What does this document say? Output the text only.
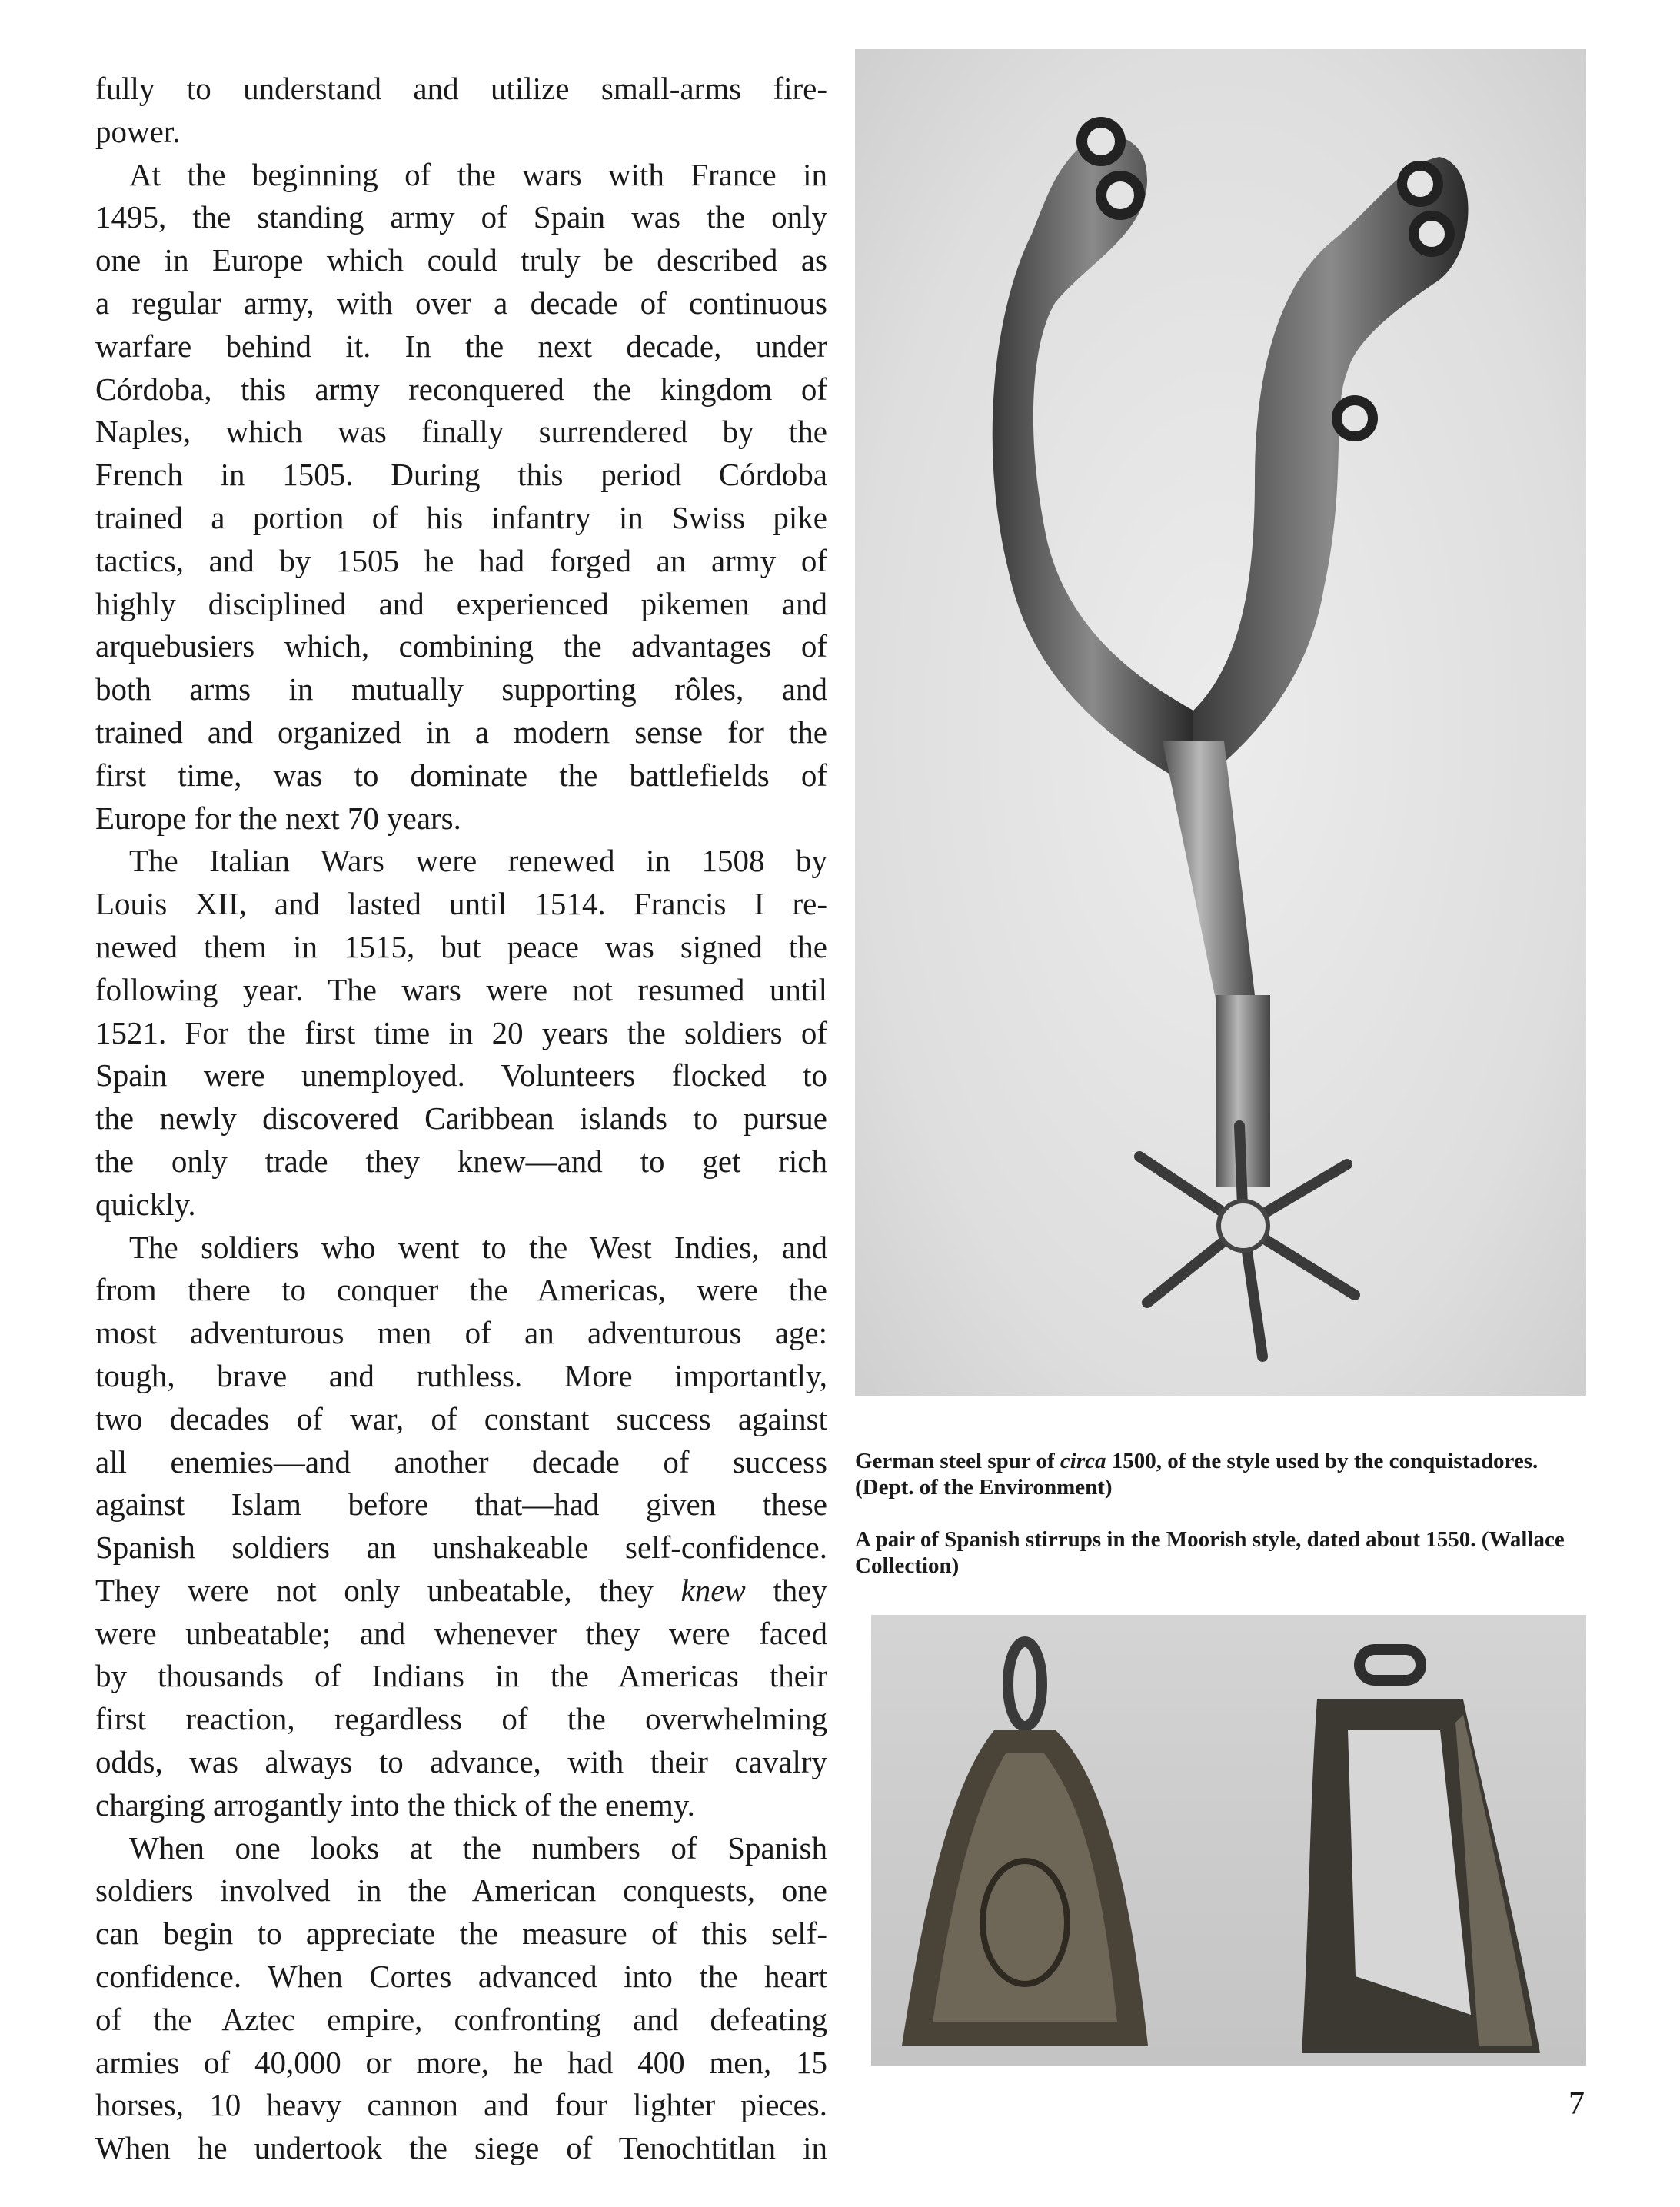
fully to understand and utilize small-arms fire-
power.
At the beginning of the wars with France in
1495, the standing army of Spain was the only
one in Europe which could truly be described as
a regular army, with over a decade of continuous
warfare behind it. In the next decade, under
Córdoba, this army reconquered the kingdom of
Naples, which was finally surrendered by the
French in 1505. During this period Córdoba
trained a portion of his infantry in Swiss pike
tactics, and by 1505 he had forged an army of
highly disciplined and experienced pikemen and
arquebusiers which, combining the advantages of
both arms in mutually supporting rôles, and
trained and organized in a modern sense for the
first time, was to dominate the battlefields of
Europe for the next 70 years.
The Italian Wars were renewed in 1508 by
Louis XII, and lasted until 1514. Francis I re-
newed them in 1515, but peace was signed the
following year. The wars were not resumed until
1521. For the first time in 20 years the soldiers of
Spain were unemployed. Volunteers flocked to
the newly discovered Caribbean islands to pursue
the only trade they knew—and to get rich
quickly.
The soldiers who went to the West Indies, and
from there to conquer the Americas, were the
most adventurous men of an adventurous age:
tough, brave and ruthless. More importantly,
two decades of war, of constant success against
all enemies—and another decade of success
against Islam before that—had given these
Spanish soldiers an unshakeable self-confidence.
They were not only unbeatable, they knew they
were unbeatable; and whenever they were faced
by thousands of Indians in the Americas their
first reaction, regardless of the overwhelming
odds, was always to advance, with their cavalry
charging arrogantly into the thick of the enemy.
When one looks at the numbers of Spanish
soldiers involved in the American conquests, one
can begin to appreciate the measure of this self-
confidence. When Cortes advanced into the heart
of the Aztec empire, confronting and defeating
armies of 40,000 or more, he had 400 men, 15
horses, 10 heavy cannon and four lighter pieces.
When he undertook the siege of Tenochtitlan in
German steel spur of circa 1500, of the style used by the conquistadores. (Dept. of the Environment)
A pair of Spanish stirrups in the Moorish style, dated about 1550. (Wallace Collection)
7
